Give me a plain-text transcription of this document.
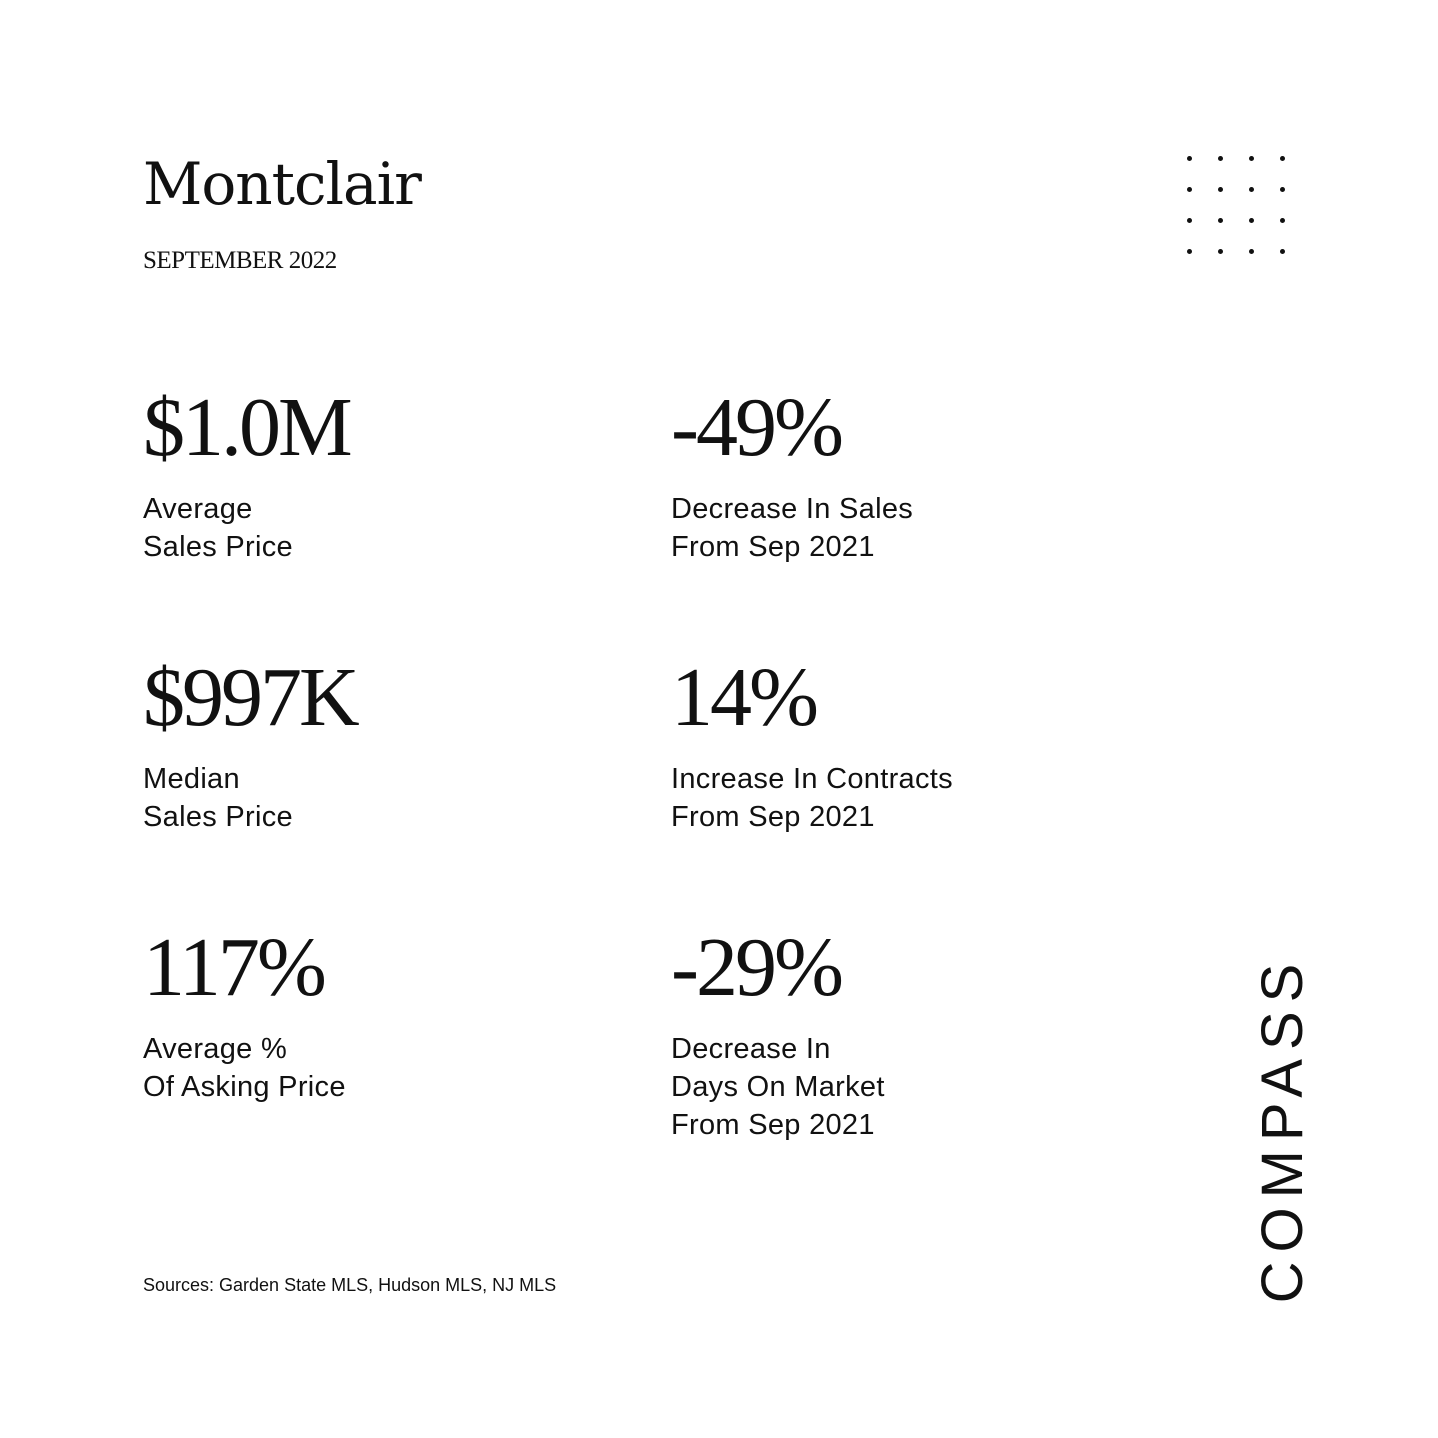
Montclair
SEPTEMBER 2022
$1.0M
Average
Sales Price
-49%
Decrease In Sales
From Sep 2021
$997K
Median
Sales Price
14%
Increase In Contracts
From Sep 2021
117%
Average %
Of Asking Price
-29%
Decrease In
Days On Market
From Sep 2021
Sources: Garden State MLS, Hudson MLS, NJ MLS	COMPASS
